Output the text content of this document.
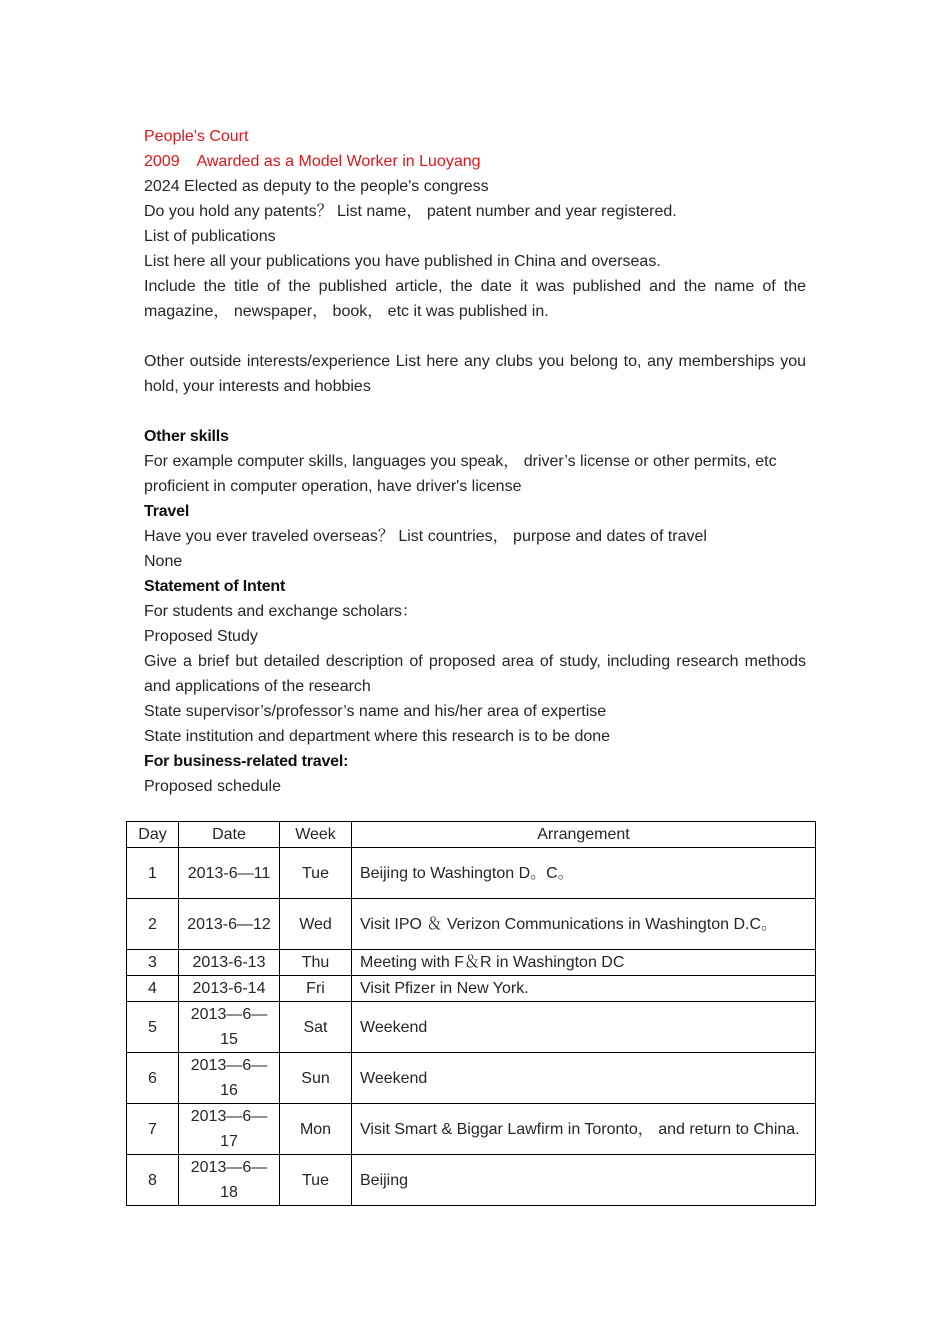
People's Court
2009    Awarded as a Model Worker in Luoyang
2024 Elected as deputy to the people's congress
Do you hold any patents？ List name， patent number and year registered.
List of publications
List here all your publications you have published in China and overseas.
Include the title of the published article, the date it was published and the name of the magazine， newspaper， book， etc it was published in.
Other outside interests/experience List here any clubs you belong to, any memberships you hold, your interests and hobbies
Other skills
For example computer skills, languages you speak， driver’s license or other permits, etc
proficient in computer operation, have driver's license
Travel
Have you ever traveled overseas？ List countries， purpose and dates of travel
None
Statement of Intent
For students and exchange scholars：
Proposed Study
Give a brief but detailed description of proposed area of study, including research methods and applications of the research
State supervisor’s/professor’s name and his/her area of expertise
State institution and department where this research is to be done
For business-related travel:
Proposed schedule
Day	Date	Week	Arrangement
1	2013-6—11	Tue	Beijing to Washington D。C。
2	2013-6—12	Wed	Visit IPO ＆ Verizon Communications in Washington D.C。
3	2013-6-13	Thu	Meeting with F＆R in Washington DC
4	2013-6-14	Fri	Visit Pfizer in New York.
5	2013—6—15	Sat	Weekend
6	2013—6—16	Sun	Weekend
7	2013—6—17	Mon	Visit Smart & Biggar Lawfirm in Toronto， and return to China.
8	2013—6—18	Tue	Beijing
